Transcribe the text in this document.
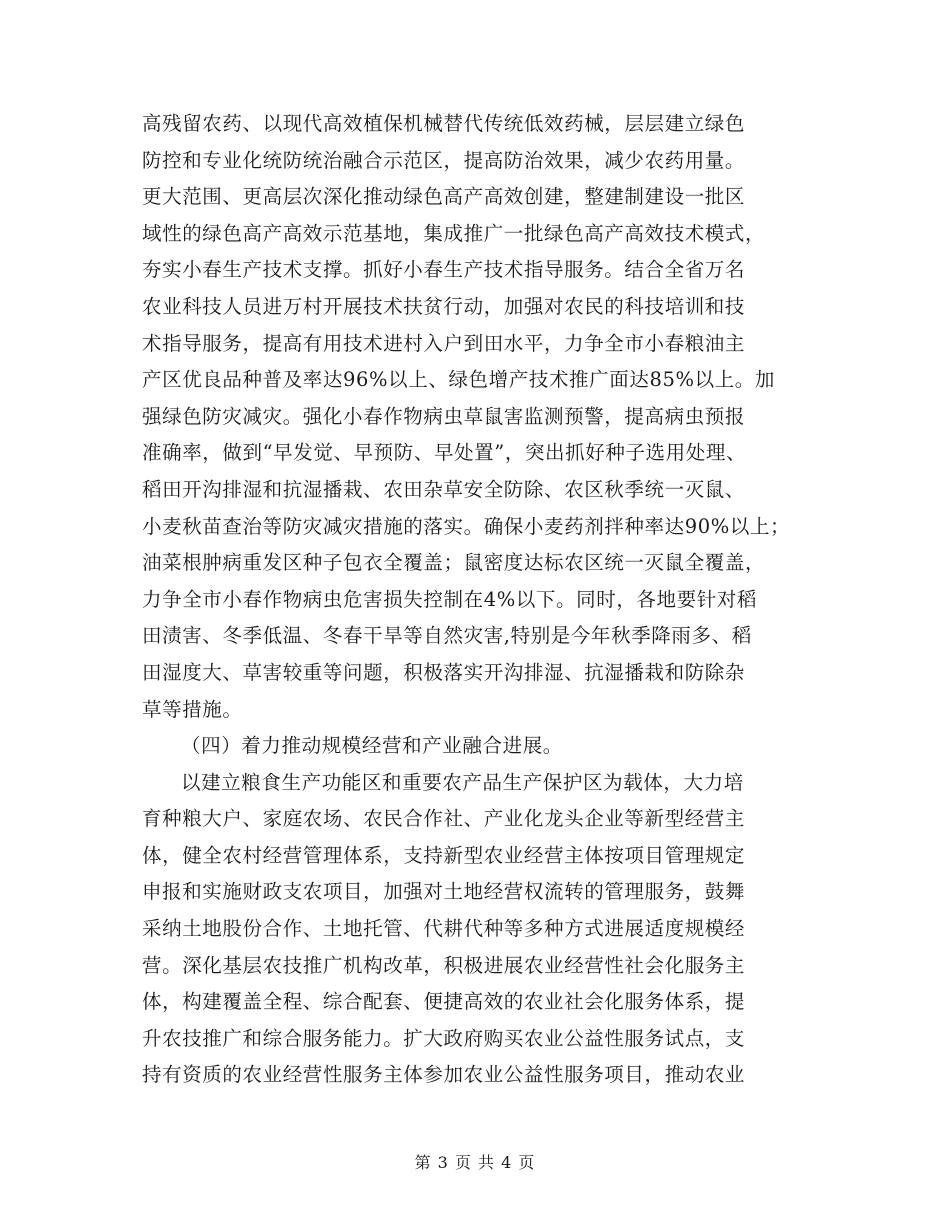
高残留农药、以现代高效植保机械替代传统低效药械，层层建立绿色
防控和专业化统防统治融合示范区，提高防治效果，减少农药用量。
更大范围、更高层次深化推动绿色高产高效创建，整建制建设一批区
域性的绿色高产高效示范基地，集成推广一批绿色高产高效技术模式，
夯实小春生产技术支撑。抓好小春生产技术指导服务。结合全省万名
农业科技人员进万村开展技术扶贫行动，加强对农民的科技培训和技
术指导服务，提高有用技术进村入户到田水平，力争全市小春粮油主
产区优良品种普及率达96%以上、绿色增产技术推广面达85%以上。加
强绿色防灾减灾。强化小春作物病虫草鼠害监测预警，提高病虫预报
准确率，做到“早发觉、早预防、早处置”，突出抓好种子选用处理、
稻田开沟排湿和抗湿播栽、农田杂草安全防除、农区秋季统一灭鼠、
小麦秋苗查治等防灾减灾措施的落实。确保小麦药剂拌种率达90%以上；
油菜根肿病重发区种子包衣全覆盖；鼠密度达标农区统一灭鼠全覆盖，
力争全市小春作物病虫危害损失控制在4%以下。同时，各地要针对稻
田渍害、冬季低温、冬春干旱等自然灾害,特别是今年秋季降雨多、稻
田湿度大、草害较重等问题，积极落实开沟排湿、抗湿播栽和防除杂
草等措施。
（四）着力推动规模经营和产业融合进展。
以建立粮食生产功能区和重要农产品生产保护区为载体，大力培
育种粮大户、家庭农场、农民合作社、产业化龙头企业等新型经营主
体，健全农村经营管理体系，支持新型农业经营主体按项目管理规定
申报和实施财政支农项目，加强对土地经营权流转的管理服务，鼓舞
采纳土地股份合作、土地托管、代耕代种等多种方式进展适度规模经
营。深化基层农技推广机构改革，积极进展农业经营性社会化服务主
体，构建覆盖全程、综合配套、便捷高效的农业社会化服务体系，提
升农技推广和综合服务能力。扩大政府购买农业公益性服务试点，支
持有资质的农业经营性服务主体参加农业公益性服务项目，推动农业
第 3 页 共 4 页
